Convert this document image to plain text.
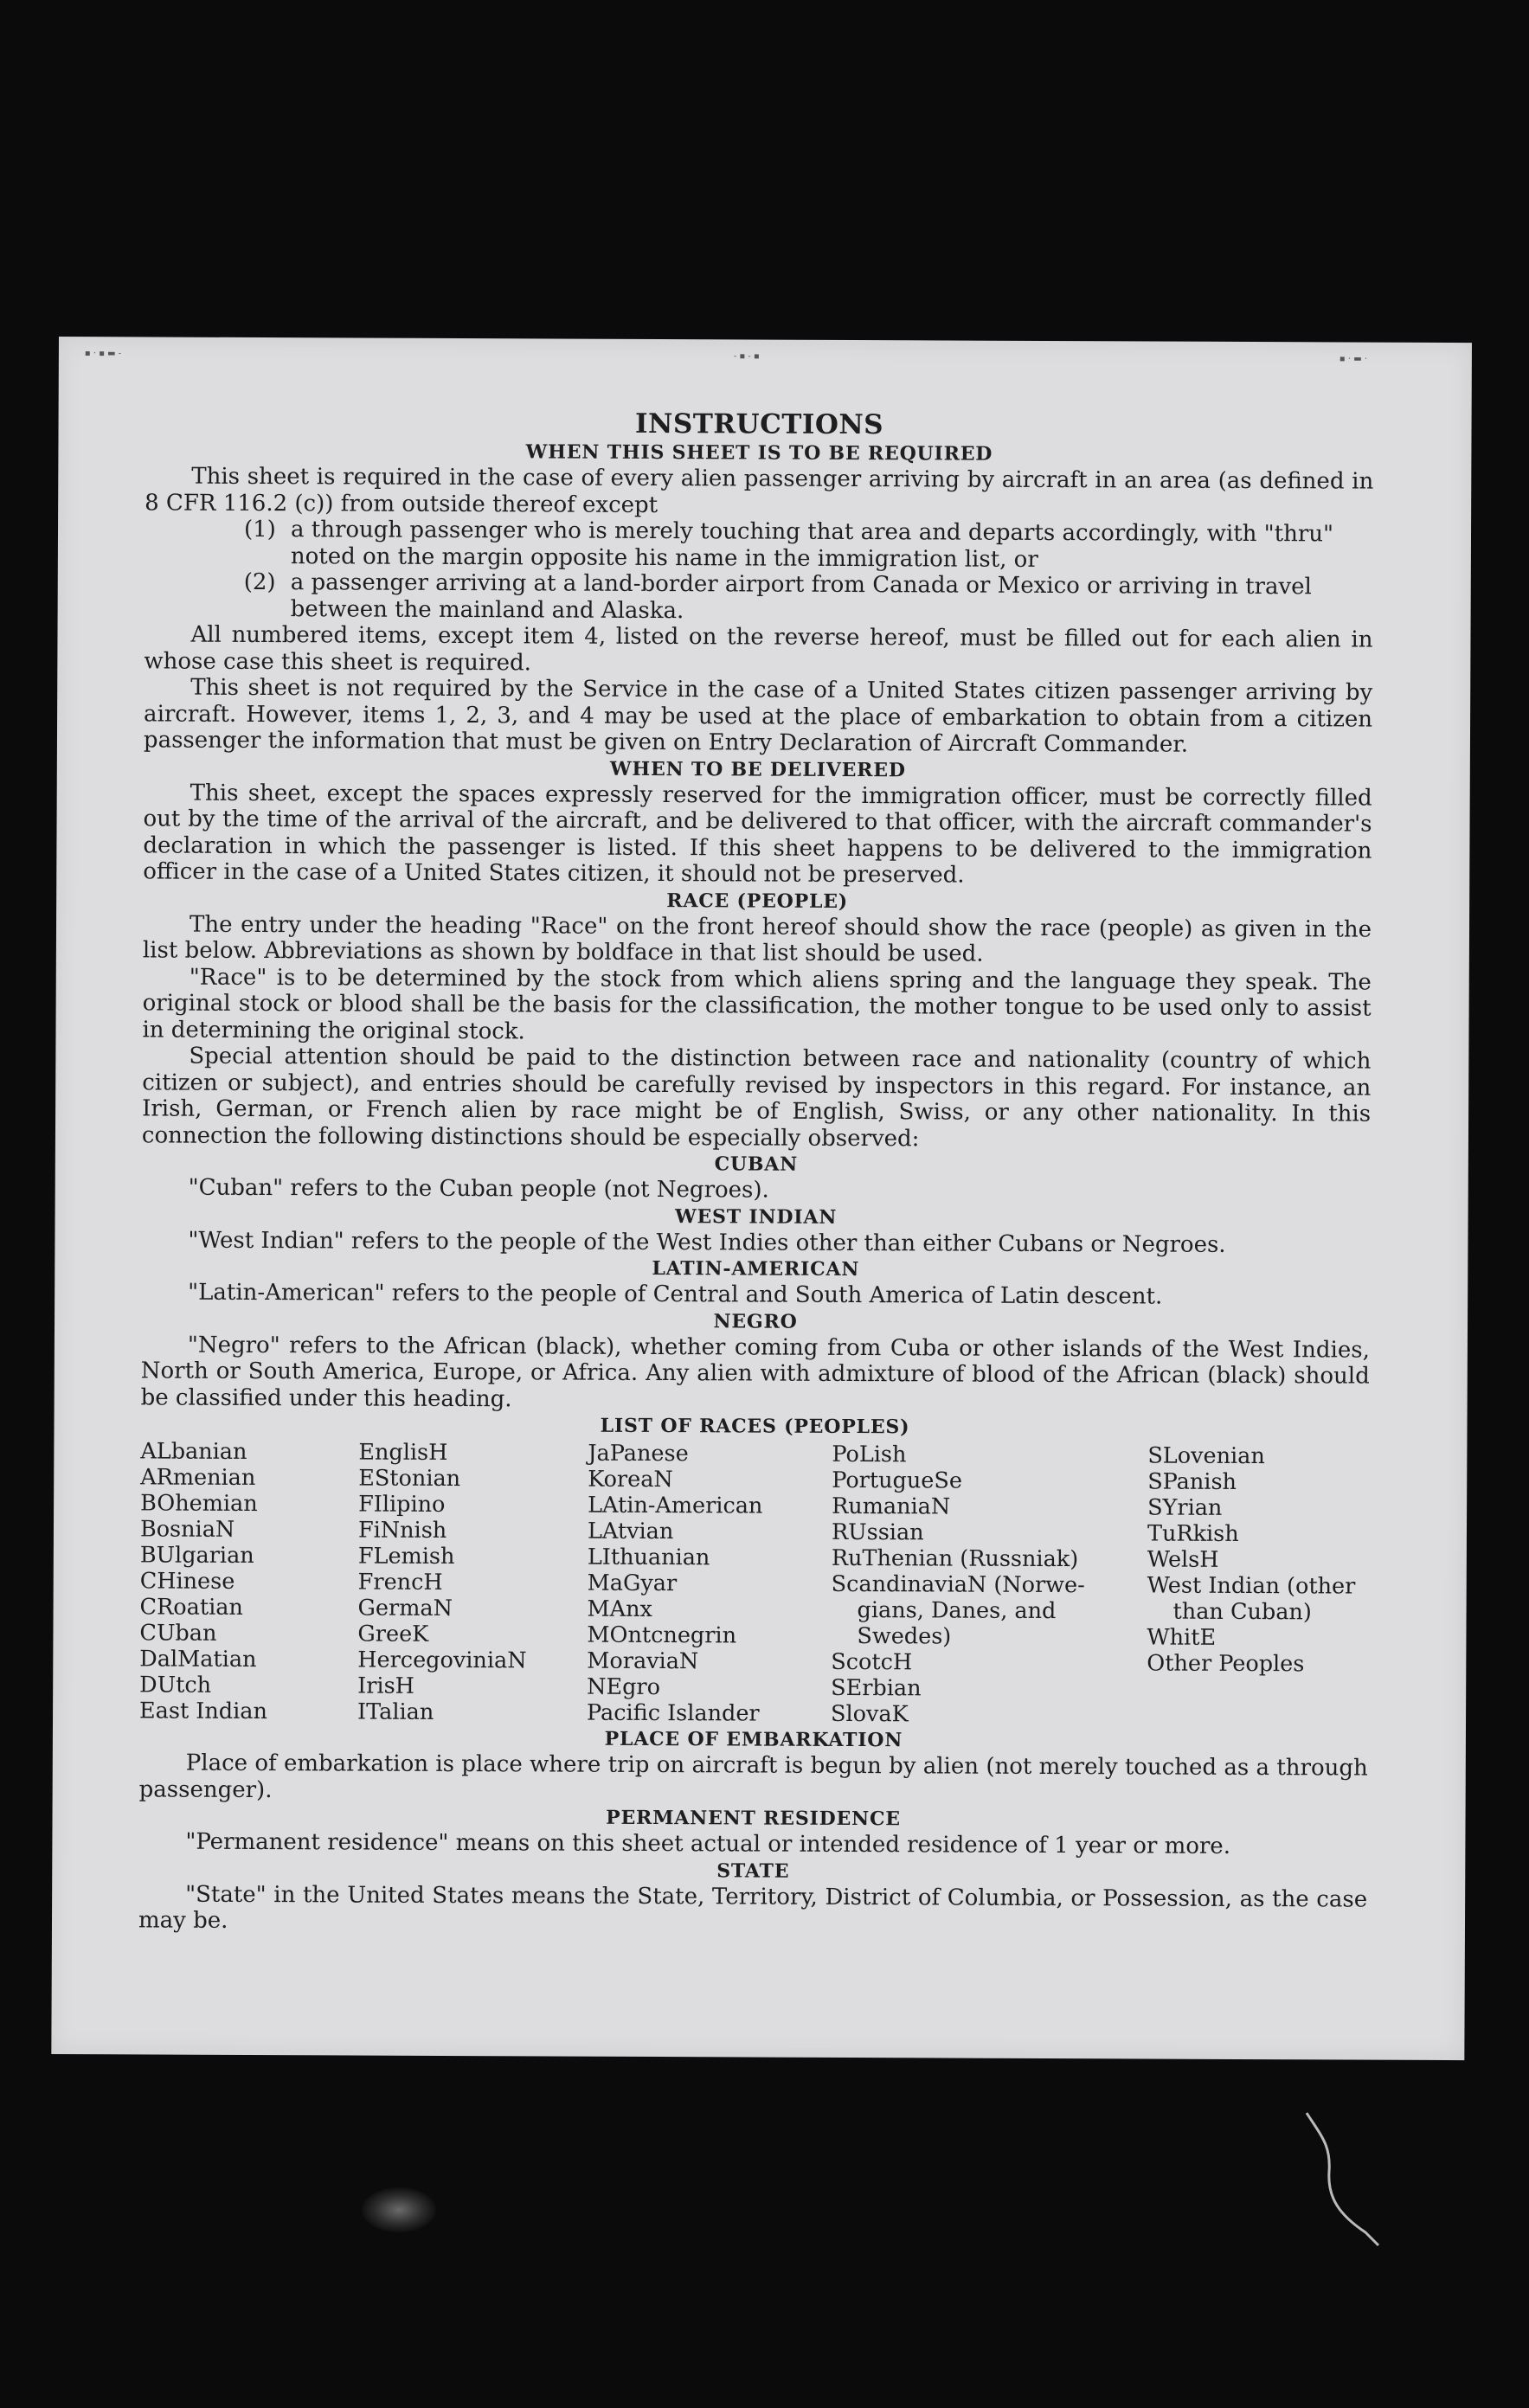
▪ · ▪ ▬ -	- ▪ - ▪	▪ · ▬ ·
INSTRUCTIONS
WHEN THIS SHEET IS TO BE REQUIRED

This sheet is required in the case of every alien passenger arriving by aircraft in an area (as defined in 8 CFR 116.2 (c)) from outside thereof except

(1) a through passenger who is merely touching that area and departs accordingly, with "thru" noted on the margin opposite his name in the immigration list, or
(2) a passenger arriving at a land-border airport from Canada or Mexico or arriving in travel between the mainland and Alaska.

All numbered items, except item 4, listed on the reverse hereof, must be filled out for each alien in whose case this sheet is required.

This sheet is not required by the Service in the case of a United States citizen passenger arriving by aircraft. However, items 1, 2, 3, and 4 may be used at the place of embarkation to obtain from a citizen passenger the information that must be given on Entry Declaration of Aircraft Commander.

WHEN TO BE DELIVERED

This sheet, except the spaces expressly reserved for the immigration officer, must be correctly filled out by the time of the arrival of the aircraft, and be delivered to that officer, with the aircraft commander's declaration in which the passenger is listed. If this sheet happens to be delivered to the immigration officer in the case of a United States citizen, it should not be preserved.

RACE (PEOPLE)

The entry under the heading "Race" on the front hereof should show the race (people) as given in the list below. Abbreviations as shown by boldface in that list should be used.

"Race" is to be determined by the stock from which aliens spring and the language they speak. The original stock or blood shall be the basis for the classification, the mother tongue to be used only to assist in determining the original stock.

Special attention should be paid to the distinction between race and nationality (country of which citizen or subject), and entries should be carefully revised by inspectors in this regard. For instance, an Irish, German, or French alien by race might be of English, Swiss, or any other nationality. In this connection the following distinctions should be especially observed:

CUBAN

"Cuban" refers to the Cuban people (not Negroes).

WEST INDIAN

"West Indian" refers to the people of the West Indies other than either Cubans or Negroes.

LATIN-AMERICAN

"Latin-American" refers to the people of Central and South America of Latin descent.

NEGRO

"Negro" refers to the African (black), whether coming from Cuba or other islands of the West Indies, North or South America, Europe, or Africa. Any alien with admixture of blood of the African (black) should be classified under this heading.

LIST OF RACES (PEOPLES)
ALbanian
ARmenian
BOhemian
BosniaN
BUlgarian
CHinese
CRoatian
CUban
DalMatian
DUtch
East Indian
EnglisH
EStonian
FIlipino
FiNnish
FLemish
FrencH
GermaN
GreeK
HercegoviniaN
IrisH
ITalian
JaPanese
KoreaN
LAtin-American
LAtvian
LIthuanian
MaGyar
MAnx
MOntcnegrin
MoraviaN
NEgro
Pacific Islander
PoLish
PortugueSe
RumaniaN
RUssian
RuThenian (Russniak)
ScandinaviaN (Norwe-
gians, Danes, and
Swedes)
ScotcH
SErbian
SlovaK
SLovenian
SPanish
SYrian
TuRkish
WelsH
West Indian (other
than Cuban)
WhitE
Other Peoples
PLACE OF EMBARKATION

Place of embarkation is place where trip on aircraft is begun by alien (not merely touched as a through passenger).

PERMANENT RESIDENCE

"Permanent residence" means on this sheet actual or intended residence of 1 year or more.

STATE

"State" in the United States means the State, Territory, District of Columbia, or Possession, as the case may be.
